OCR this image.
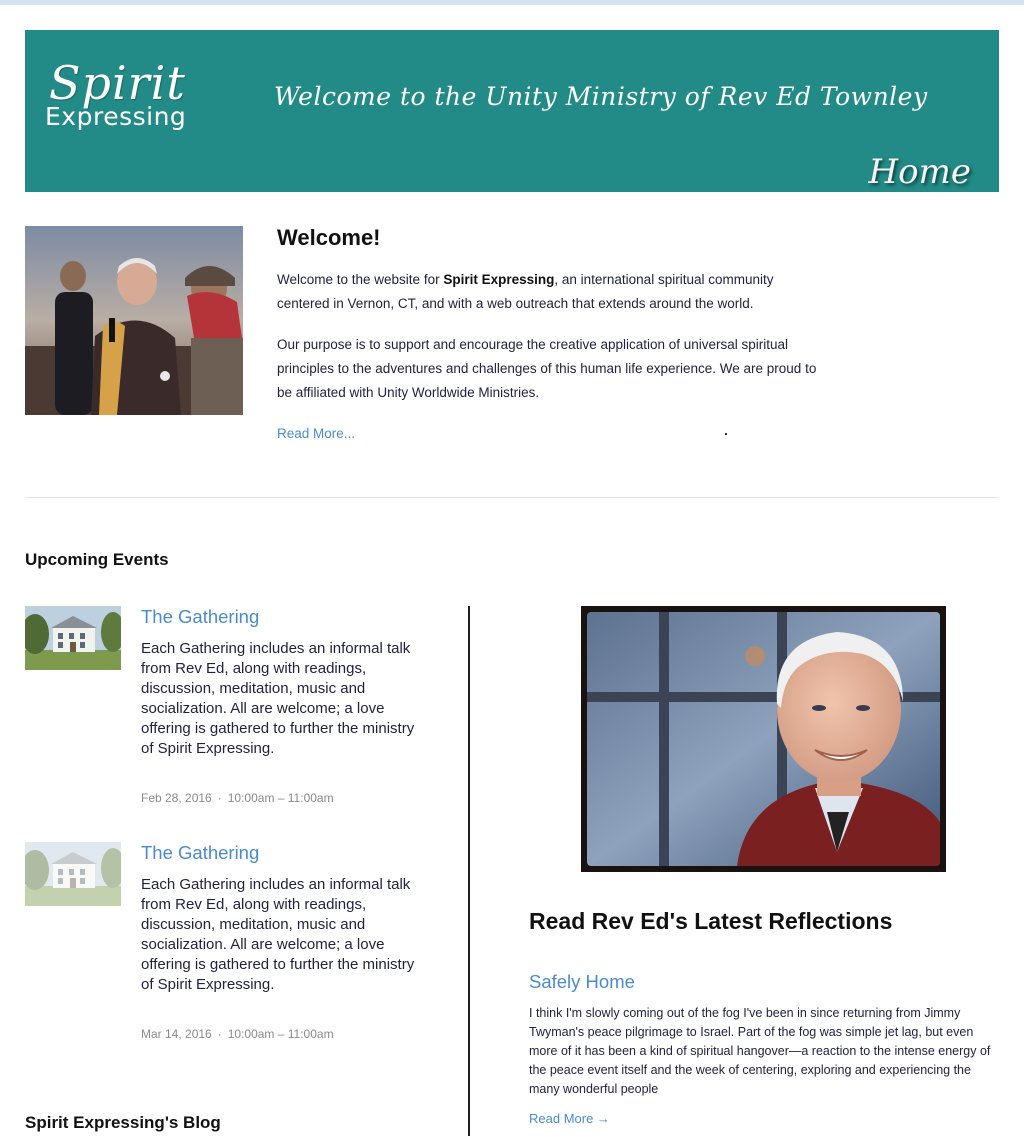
Spirit
Expressing
Welcome to the Unity Ministry of Rev Ed Townley
Home
Welcome!

Welcome to the website for Spirit Expressing, an international spiritual community centered in Vernon, CT, and with a web outreach that extends around the world.

Our purpose is to support and encourage the creative application of universal spiritual principles to the adventures and challenges of this human life experience. We are proud to be affiliated with Unity Worldwide Ministries.

Read More...
Upcoming Events
The Gathering

Each Gathering includes an informal talk from Rev Ed, along with readings, discussion, meditation, music and socialization. All are welcome; a love offering is gathered to further the ministry of Spirit Expressing.

Feb 28, 2016 · 10:00am – 11:00am
The Gathering

Each Gathering includes an informal talk from Rev Ed, along with readings, discussion, meditation, music and socialization. All are welcome; a love offering is gathered to further the ministry of Spirit Expressing.

Mar 14, 2016 · 10:00am – 11:00am
Spirit Expressing's Blog
Read Rev Ed's Latest Reflections
Safely Home

I think I'm slowly coming out of the fog I've been in since returning from Jimmy Twyman's peace pilgrimage to Israel. Part of the fog was simple jet lag, but even more of it has been a kind of spiritual hangover—a reaction to the intense energy of the peace event itself and the week of centering, exploring and experiencing the many wonderful people

Read More →
